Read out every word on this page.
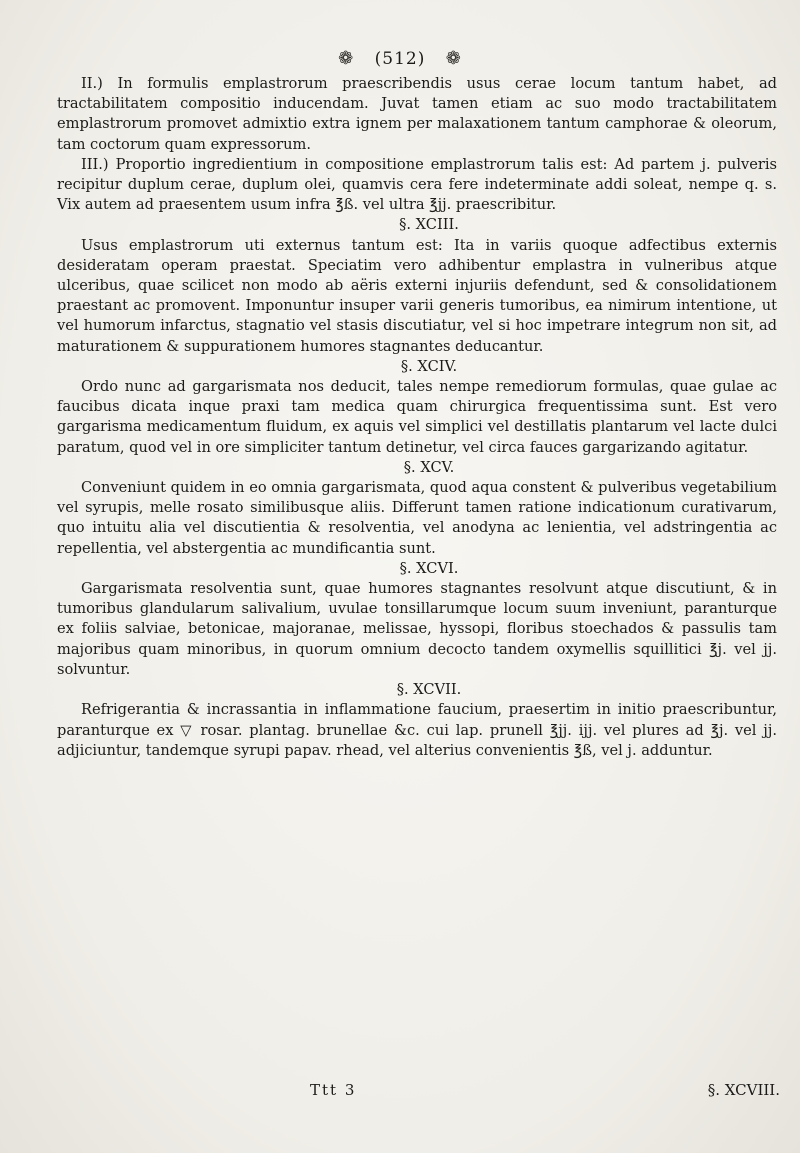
❁ (512) ❁

II.) In formulis emplastrorum praescribendis usus cerae locum tantum habet, ad tractabilitatem compositio inducendam. Juvat tamen etiam ac suo modo tractabilitatem emplastrorum promovet admixtio extra ignem per malaxationem tantum camphorae & oleorum, tam coctorum quam expressorum.

III.) Proportio ingredientium in compositione emplastrorum talis est: Ad partem j. pulveris recipitur duplum cerae, duplum olei, quamvis cera fere indeterminate addi soleat, nempe q. s. Vix autem ad praesentem usum infra ℥ß. vel ultra ℥jj. praescribitur.

§. XCIII.

Usus emplastrorum uti externus tantum est: Ita in variis quoque adfectibus externis desideratam operam praestat. Speciatim vero adhibentur emplastra in vulneribus atque ulceribus, quae scilicet non modo ab aëris externi injuriis defendunt, sed & consolidationem praestant ac promovent. Imponuntur insuper varii generis tumoribus, ea nimirum intentione, ut vel humorum infarctus, stagnatio vel stasis discutiatur, vel si hoc impetrare integrum non sit, ad maturationem & suppurationem humores stagnantes deducantur.

§. XCIV.

Ordo nunc ad gargarismata nos deducit, tales nempe remediorum formulas, quae gulae ac faucibus dicata inque praxi tam medica quam chirurgica frequentissima sunt. Est vero gargarisma medicamentum fluidum, ex aquis vel simplici vel destillatis plantarum vel lacte dulci paratum, quod vel in ore simpliciter tantum detinetur, vel circa fauces gargarizando agitatur.

§. XCV.

Conveniunt quidem in eo omnia gargarismata, quod aqua constent & pulveribus vegetabilium vel syrupis, melle rosato similibusque aliis. Differunt tamen ratione indicationum curativarum, quo intuitu alia vel discutientia & resolventia, vel anodyna ac lenientia, vel adstringentia ac repellentia, vel abstergentia ac mundificantia sunt.

§. XCVI.

Gargarismata resolventia sunt, quae humores stagnantes resolvunt atque discutiunt, & in tumoribus glandularum salivalium, uvulae tonsillarumque locum suum inveniunt, paranturque ex foliis salviae, betonicae, majoranae, melissae, hyssopi, floribus stoechados & passulis tam majoribus quam minoribus, in quorum omnium decocto tandem oxymellis squillitici ℥j. vel jj. solvuntur.

§. XCVII.

Refrigerantia & incrassantia in inflammatione faucium, praesertim in initio praescribuntur, paranturque ex ▽ rosar. plantag. brunellae &c. cui lap. prunell ℥jj. ijj. vel plures ad ℥j. vel jj. adjiciuntur, tandemque syrupi papav. rhead, vel alterius convenientis ℥ß, vel j. adduntur.

Ttt 3	§. XCVIII.
